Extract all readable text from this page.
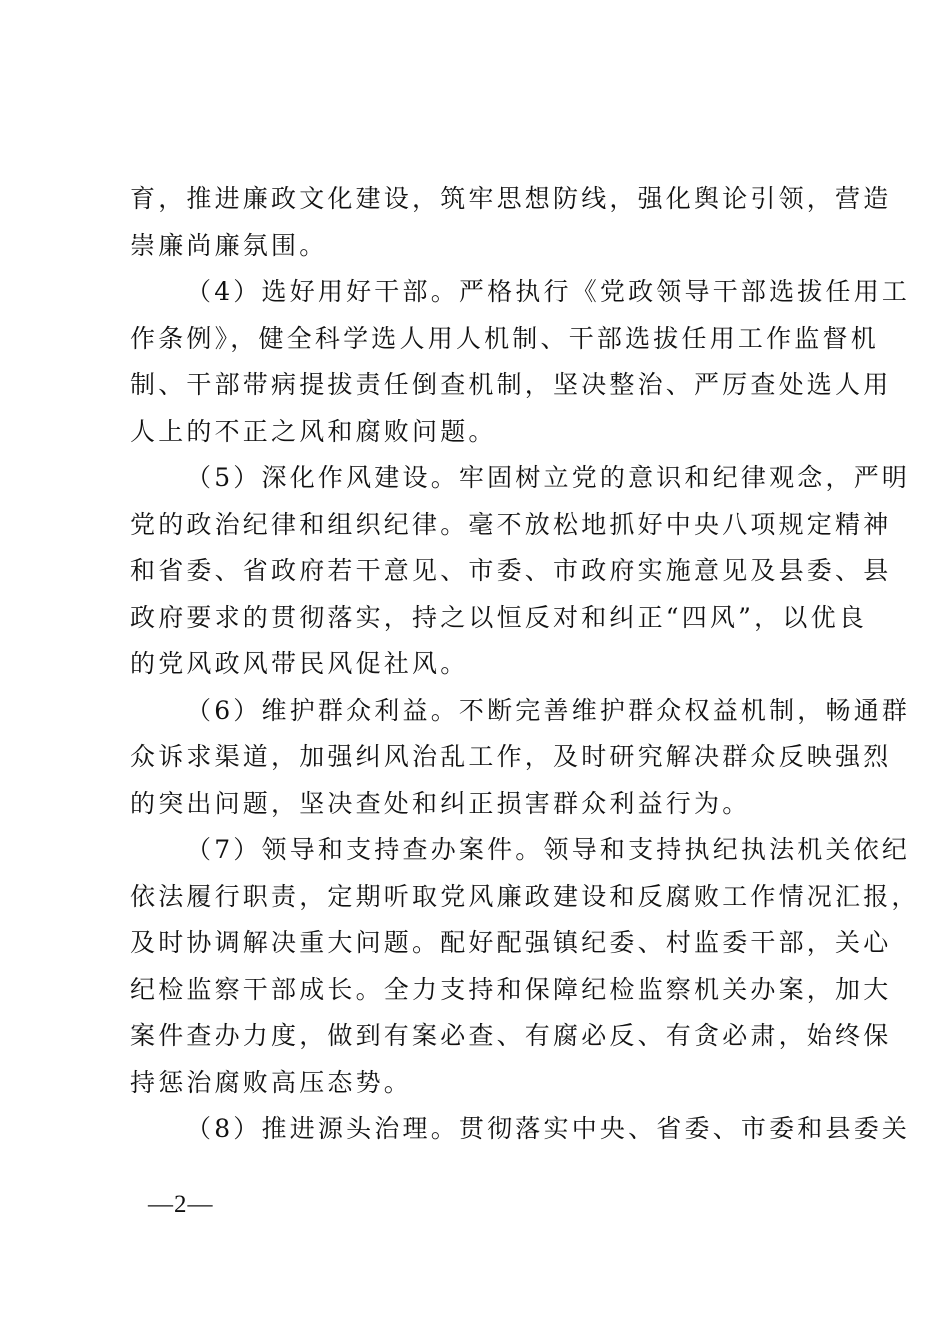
育，推进廉政文化建设，筑牢思想防线，强化舆论引领，营造
崇廉尚廉氛围。
（4）选好用好干部。严格执行《党政领导干部选拔任用工
作条例》，健全科学选人用人机制、干部选拔任用工作监督机
制、干部带病提拔责任倒查机制，坚决整治、严厉查处选人用
人上的不正之风和腐败问题。
（5）深化作风建设。牢固树立党的意识和纪律观念，严明
党的政治纪律和组织纪律。毫不放松地抓好中央八项规定精神
和省委、省政府若干意见、市委、市政府实施意见及县委、县
政府要求的贯彻落实，持之以恒反对和纠正“四风”，以优良
的党风政风带民风促社风。
（6）维护群众利益。不断完善维护群众权益机制，畅通群
众诉求渠道，加强纠风治乱工作，及时研究解决群众反映强烈
的突出问题，坚决查处和纠正损害群众利益行为。
（7）领导和支持查办案件。领导和支持执纪执法机关依纪
依法履行职责，定期听取党风廉政建设和反腐败工作情况汇报，
及时协调解决重大问题。配好配强镇纪委、村监委干部，关心
纪检监察干部成长。全力支持和保障纪检监察机关办案，加大
案件查办力度，做到有案必查、有腐必反、有贪必肃，始终保
持惩治腐败高压态势。
（8）推进源头治理。贯彻落实中央、省委、市委和县委关
—2—
